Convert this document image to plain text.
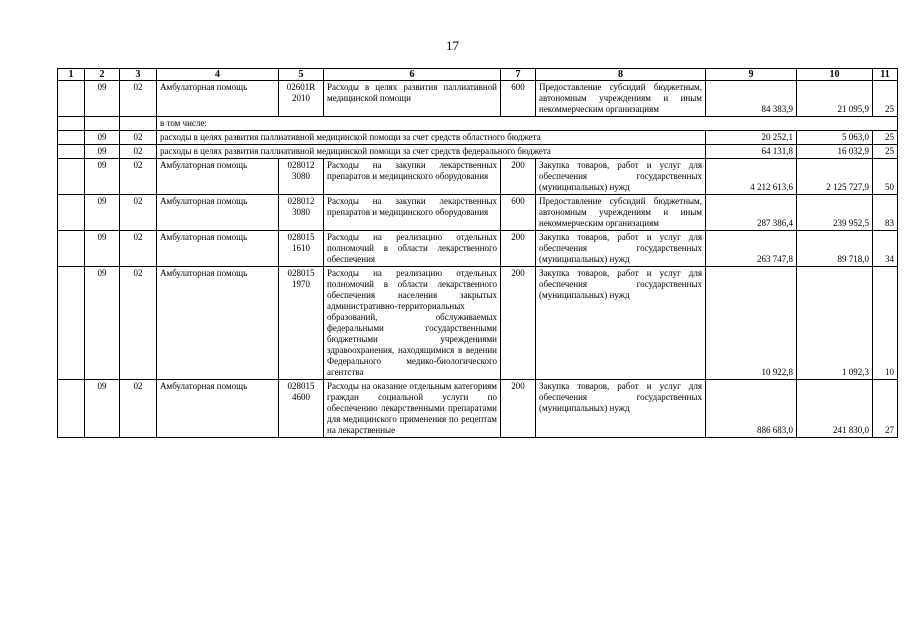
17
1	2	3	4	5	6	7	8	9	10	11
	09	02	Амбулаторная помощь	02601R 2010	Расходы в целях развития паллиативной медицинской помощи	600	Предоставление субсидий бюджетным, автономным учреждениям и иным некоммерческим организациям	84 383,9	21 095,9	25
			в том числе:							
	09	02	расходы в целях развития паллиативной медицинской помощи за счет средств областного бюджета					20 252,1	5 063,0	25
	09	02	расходы в целях развития паллиативной медицинской помощи за счет средств федерального бюджета					64 131,8	16 032,9	25
	09	02	Амбулаторная помощь	028012 3080	Расходы на закупки лекарственных препаратов и медицинского оборудования	200	Закупка товаров, работ и услуг для обеспечения государственных (муниципальных) нужд	4 212 613,6	2 125 727,9	50
	09	02	Амбулаторная помощь	028012 3080	Расходы на закупки лекарственных препаратов и медицинского оборудования	600	Предоставление субсидий бюджетным, автономным учреждениям и иным некоммерческим организациям	287 386,4	239 952,5	83
	09	02	Амбулаторная помощь	028015 1610	Расходы на реализацию отдельных полномочий в области лекарственного обеспечения	200	Закупка товаров, работ и услуг для обеспечения государственных (муниципальных) нужд	263 747,8	89 718,0	34
	09	02	Амбулаторная помощь	028015 1970	Расходы на реализацию отдельных полномочий в области лекарственного обеспечения населения закрытых административно-территориальных образований, обслуживаемых федеральными государственными бюджетными учреждениями здравоохранения, находящимися в ведении Федерального медико-биологического агентства	200	Закупка товаров, работ и услуг для обеспечения государственных (муниципальных) нужд	10 922,8	1 092,3	10
	09	02	Амбулаторная помощь	028015 4600	Расходы на оказание отдельным категориям граждан социальной услуги по обеспечению лекарственными препаратами для медицинского применения по рецептам на лекарственные	200	Закупка товаров, работ и услуг для обеспечения государственных (муниципальных) нужд	886 683,0	241 830,0	27
